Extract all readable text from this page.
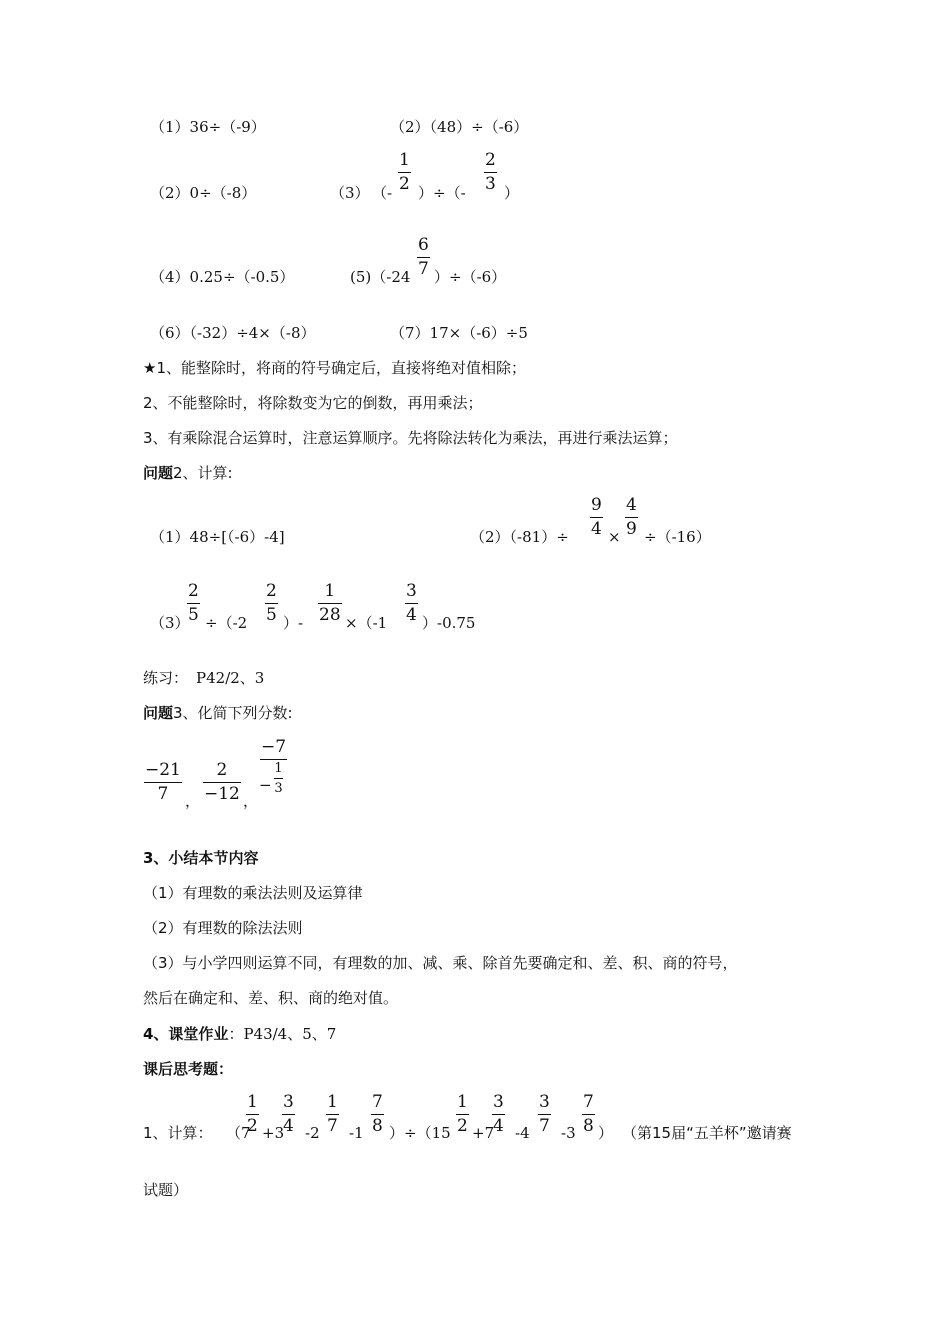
（1）36÷（-9）	（2）（48）÷（-6）
（2）0÷（-8）	（3） （-
1
2 ）÷（-
2
3 ）
（4）0.25÷（-0.5）	(5)（-24
6
7 ）÷（-6）
（6）（-32）÷4×（-8）	（7）17×（-6）÷5
★1、能整除时，将商的符号确定后，直接将绝对值相除；
2、不能整除时，将除数变为它的倒数，再用乘法；
3、有乘除混合运算时，注意运算顺序。先将除法转化为乘法，再进行乘法运算；
问题2、计算:
（1）48÷[（-6）-4]	（2）（-81）÷
9
4 ×
4
9 ÷（-16）
（3）
2
5 ÷（-2
2
5 ）-
1
28 ×（-1
3
4 ）-0.75
练习： P42/2、3
问题3、化简下列分数:
−21
7	，
2
−12 ，
−7
− $\frac{1}{3}$
3、小结本节内容
（1）有理数的乘法法则及运算律
（2）有理数的除法法则
（3）与小学四则运算不同，有理数的加、减、乘、除首先要确定和、差、积、商的符号，
然后在确定和、差、积、商的绝对值。
4、课堂作业：P43/4、5、7
课后思考题：
1、计算： （7
1
2 +3
3
4 -2
1
7 -1
7
8 ）÷（15
1
2 +7
3
4 -4
3
7 -3
7
8 ） （第15届“五羊杯”邀请赛
试题）
